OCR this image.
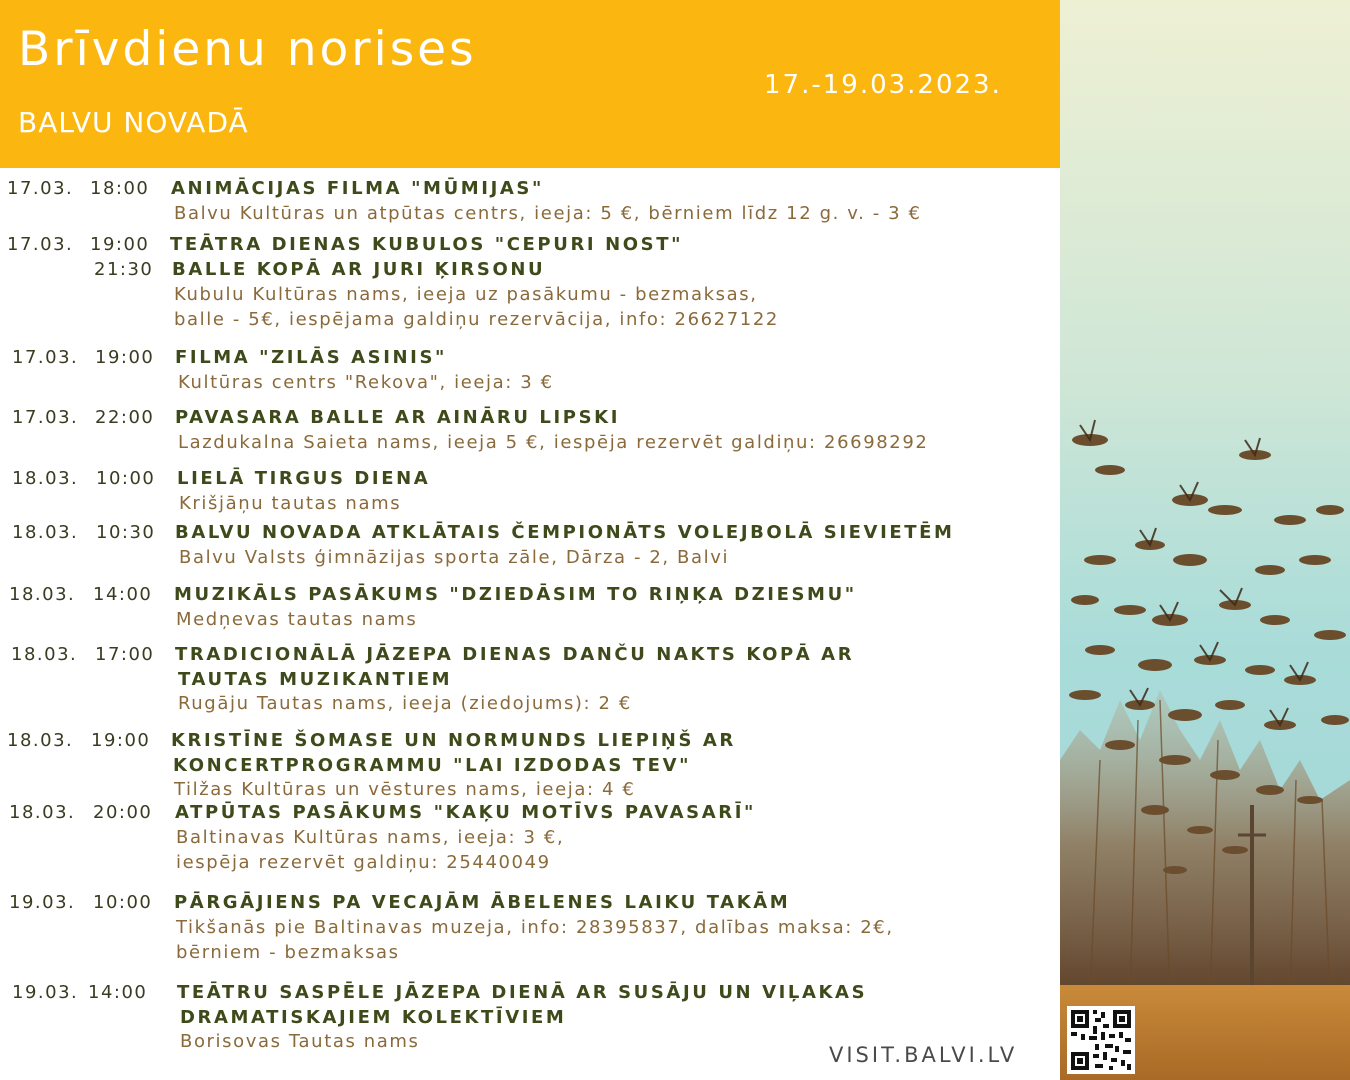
Brīvdienu norises
BALVU NOVADĀ
17.-19.03.2023.
17.03. 18:00 ANIMĀCIJAS FILMA "MŪMIJAS"
Balvu Kultūras un atpūtas centrs, ieeja: 5 €, bērniem līdz 12 g. v. - 3 €
17.03. 19:00 TEĀTRA DIENAS KUBULOS "CEPURI NOST"
21:30 BALLE KOPĀ AR JURI ĶIRSONU
Kubulu Kultūras nams, ieeja uz pasākumu - bezmaksas,
balle - 5€, iespējama galdiņu rezervācija, info: 26627122
17.03. 19:00 FILMA "ZILĀS ASINIS"
Kultūras centrs "Rekova", ieeja: 3 €
17.03. 22:00 PAVASARA BALLE AR AINĀRU LIPSKI
Lazdukalna Saieta nams, ieeja 5 €, iespēja rezervēt galdiņu: 26698292
18.03. 10:00 LIELĀ TIRGUS DIENA
Krišjāņu tautas nams
18.03. 10:30 BALVU NOVADA ATKLĀTAIS ČEMPIONĀTS VOLEJBOLĀ SIEVIETĒM
Balvu Valsts ģimnāzijas sporta zāle, Dārza - 2, Balvi
18.03. 14:00 MUZIKĀLS PASĀKUMS "DZIEDĀSIM TO RIŅĶA DZIESMU"
Medņevas tautas nams
18.03. 17:00 TRADICIONĀLĀ JĀZEPA DIENAS DANČU NAKTS KOPĀ AR
TAUTAS MUZIKANTIEM
Rugāju Tautas nams, ieeja (ziedojums): 2 €
18.03. 19:00 KRISTĪNE ŠOMASE UN NORMUNDS LIEPIŅŠ AR
KONCERTPROGRAMMU "LAI IZDODAS TEV"
Tilžas Kultūras un vēstures nams, ieeja: 4 €
18.03. 20:00 ATPŪTAS PASĀKUMS "KAĶU MOTĪVS PAVASARĪ"
Baltinavas Kultūras nams, ieeja: 3 €,
iespēja rezervēt galdiņu: 25440049
19.03. 10:00 PĀRGĀJIENS PA VECAJĀM ĀBELENES LAIKU TAKĀM
Tikšanās pie Baltinavas muzeja, info: 28395837, dalības maksa: 2€,
bērniem - bezmaksas
19.03. 14:00 TEĀTRU SASPĒLE JĀZEPA DIENĀ AR SUSĀJU UN VIĻAKAS
DRAMATISKAJIEM KOLEKTĪVIEM
Borisovas Tautas nams
VISIT.BALVI.LV
